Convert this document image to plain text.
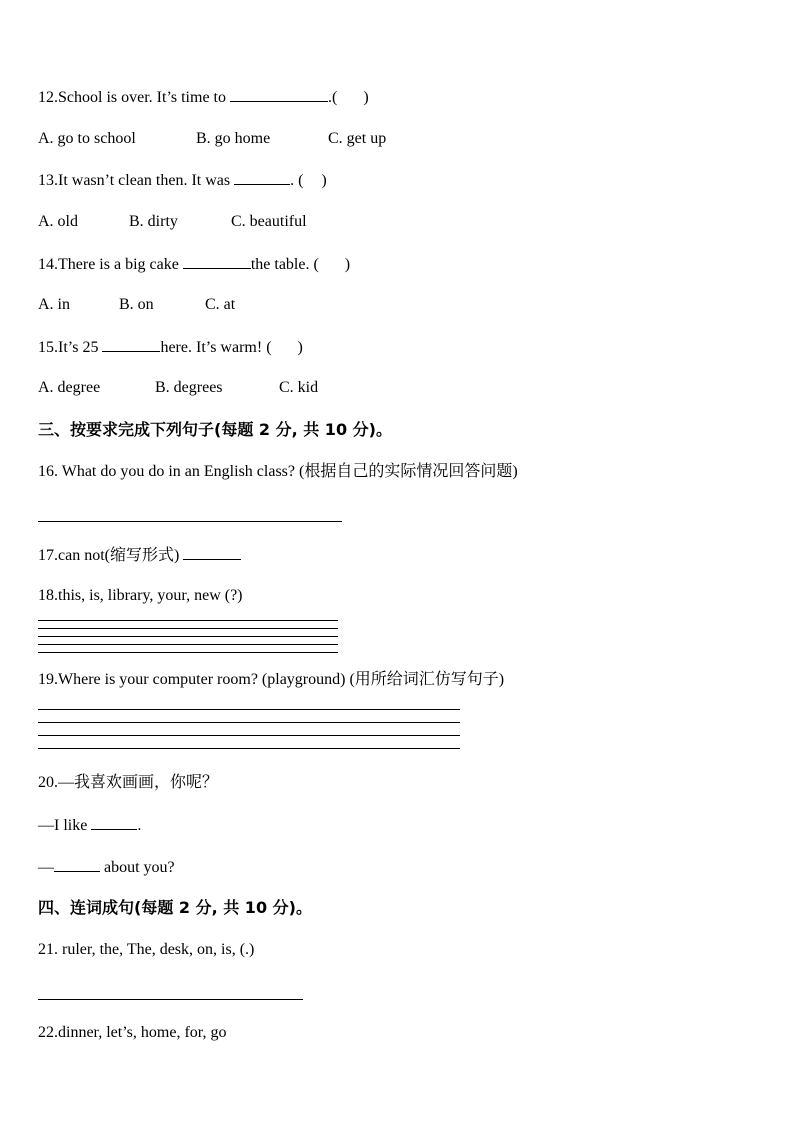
12.School is over. It’s time to	.( )
A. go to school	B. go home	C. get up
13.It wasn’t clean then. It was	. ( )
A. old	B. dirty	C. beautiful
14.There is a big cake	the table. ( )
A. in	B. on	C. at
15.It’s 25	here. It’s warm! ( )
A. degree	B. degrees	C. kid
三、按要求完成下列句子(每题 2 分, 共 10 分)。
16. What do you do in an English class? (根据自己的实际情况回答问题)
17.can not(缩写形式)
18.this, is, library, your, new (?)
19.Where is your computer room? (playground) (用所给词汇仿写句子)
20.—我喜欢画画，你呢？
—I like	.
—	about you?
四、连词成句(每题 2 分, 共 10 分)。
21. ruler, the, The, desk, on, is, (.)
22.dinner, let’s, home, for, go
